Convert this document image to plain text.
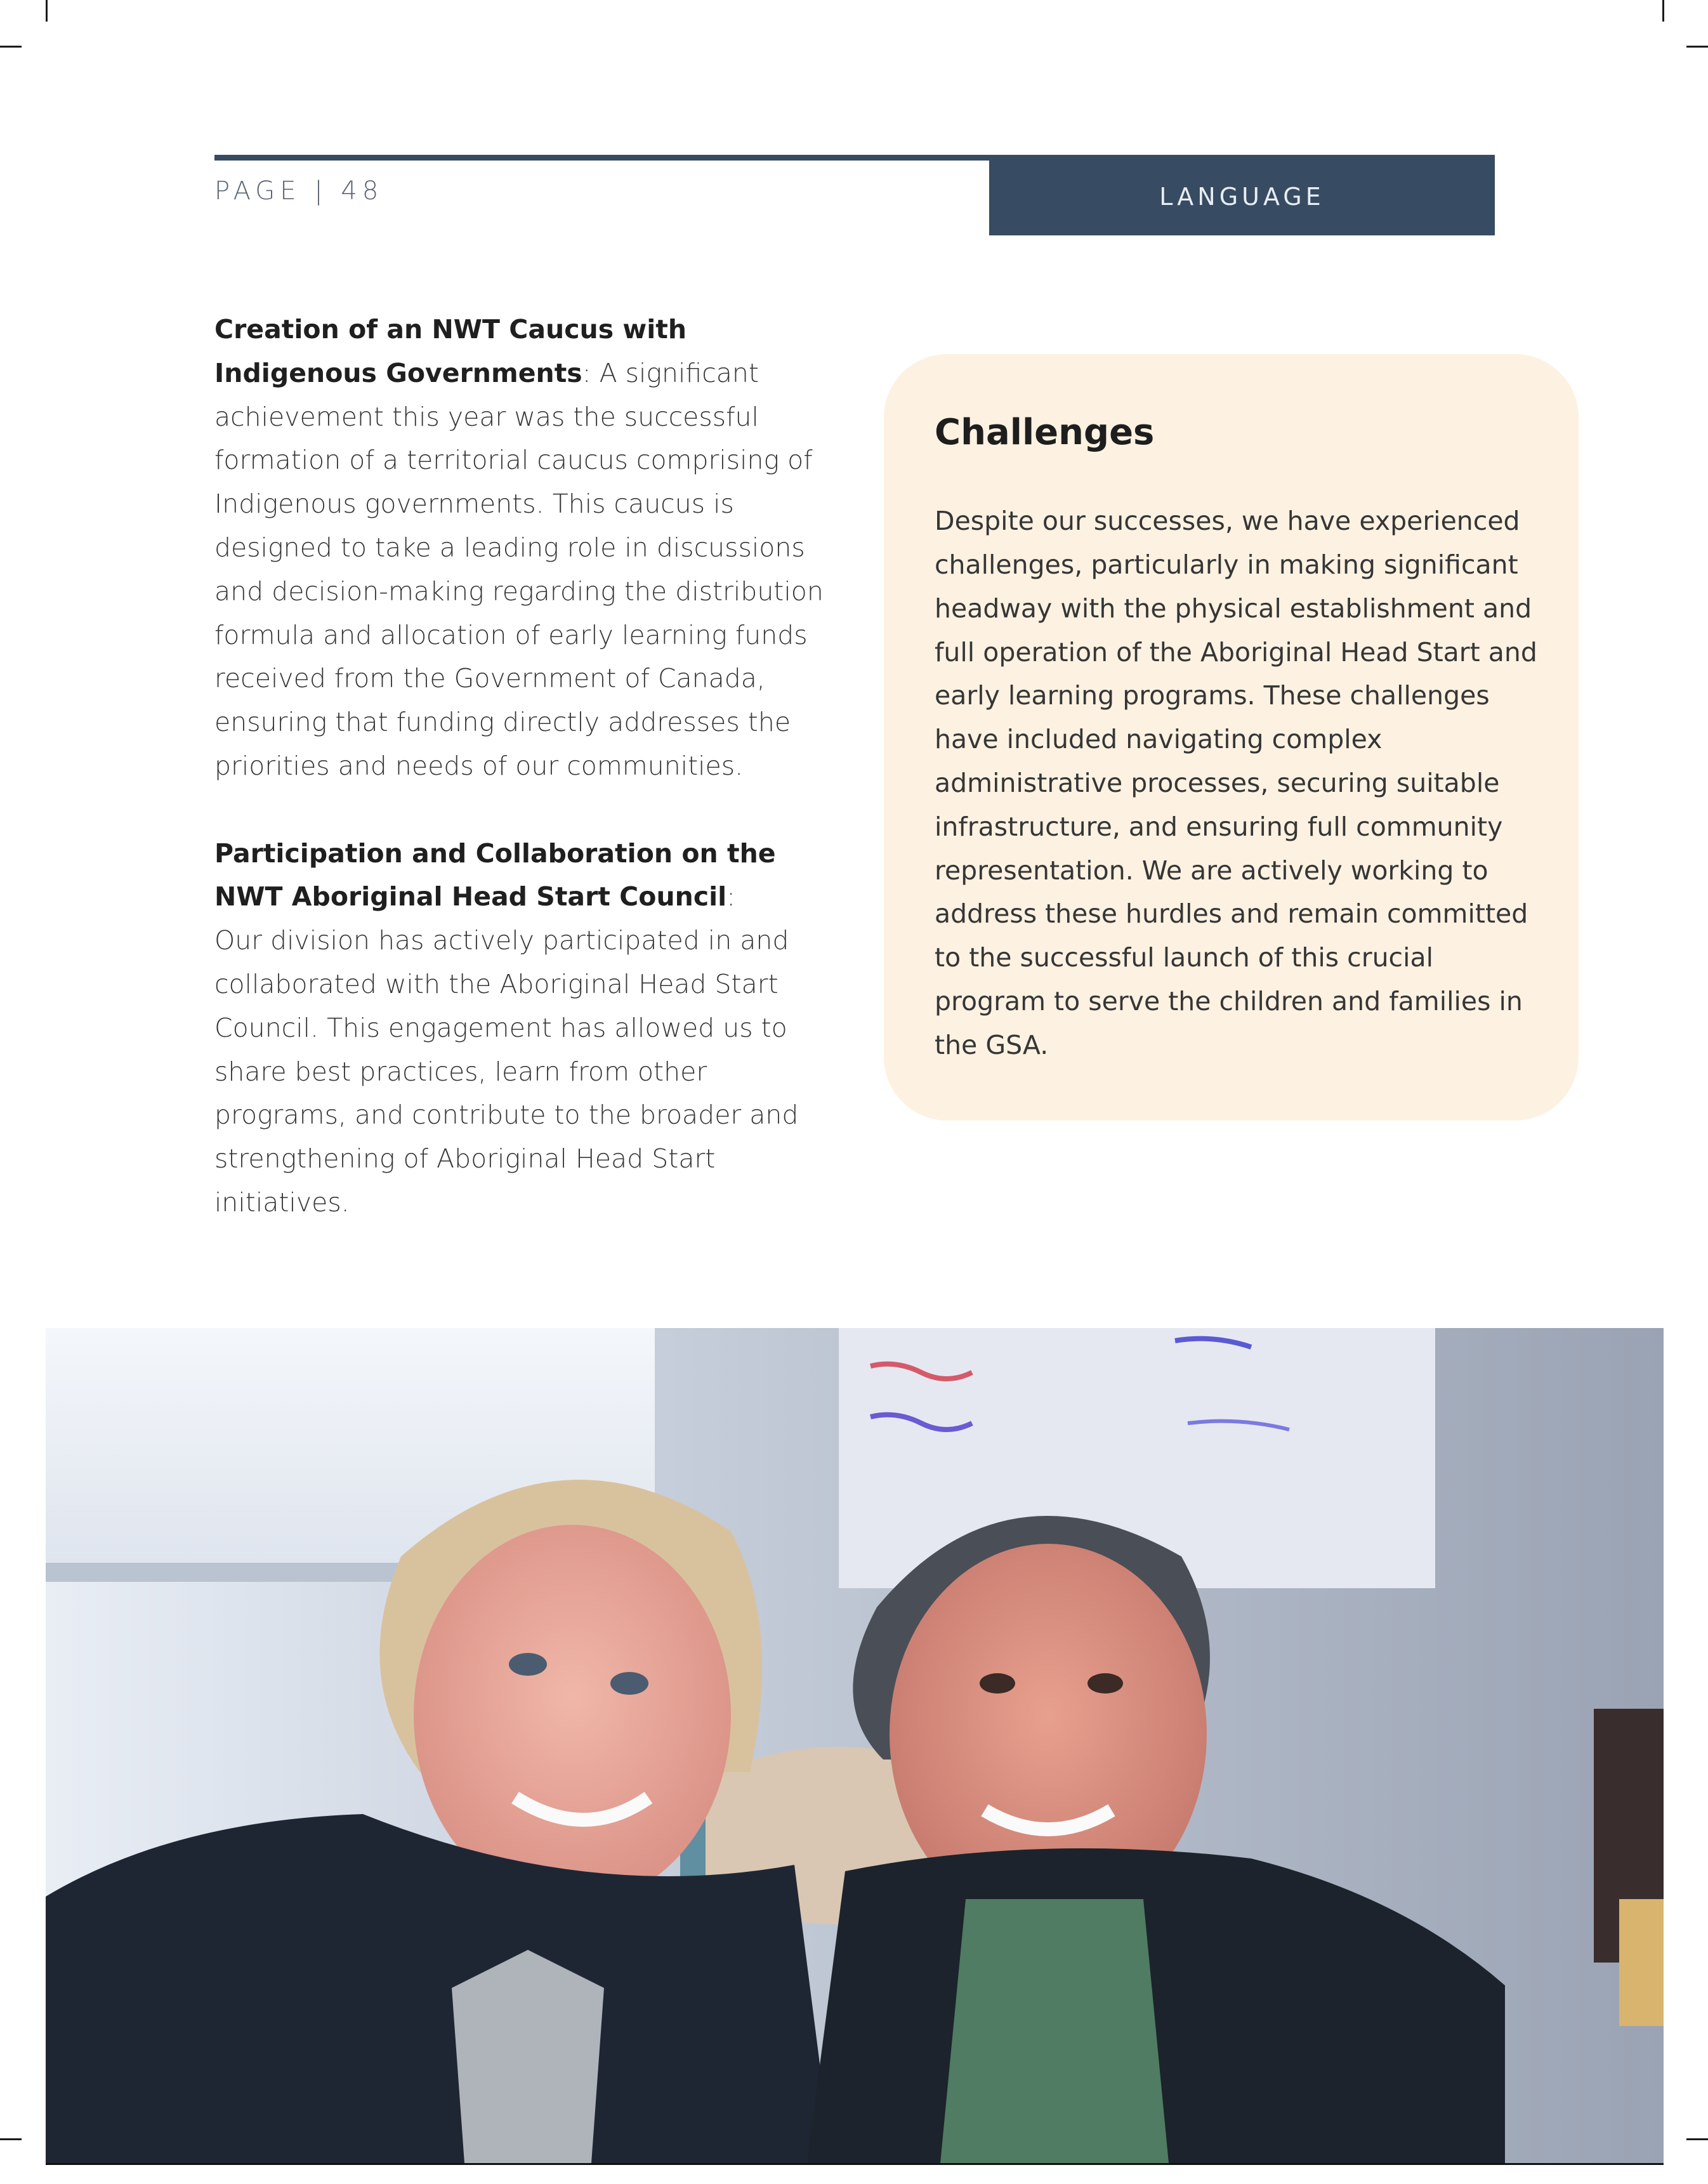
PAGE | 48	LANGUAGE

Creation of an NWT Caucus with Indigenous Governments: A significant achievement this year was the successful formation of a territorial caucus comprising of Indigenous governments. This caucus is designed to take a leading role in discussions and decision-making regarding the distribution formula and allocation of early learning funds received from the Government of Canada, ensuring that funding directly addresses the priorities and needs of our communities.

Participation and Collaboration on the NWT Aboriginal Head Start Council:
Our division has actively participated in and collaborated with the Aboriginal Head Start Council. This engagement has allowed us to share best practices, learn from other programs, and contribute to the broader and strengthening of Aboriginal Head Start initiatives.

Challenges

Despite our successes, we have experienced challenges, particularly in making significant headway with the physical establishment and full operation of the Aboriginal Head Start and early learning programs. These challenges have included navigating complex administrative processes, securing suitable infrastructure, and ensuring full community representation. We are actively working to address these hurdles and remain committed to the successful launch of this crucial program to serve the children and families in the GSA.
